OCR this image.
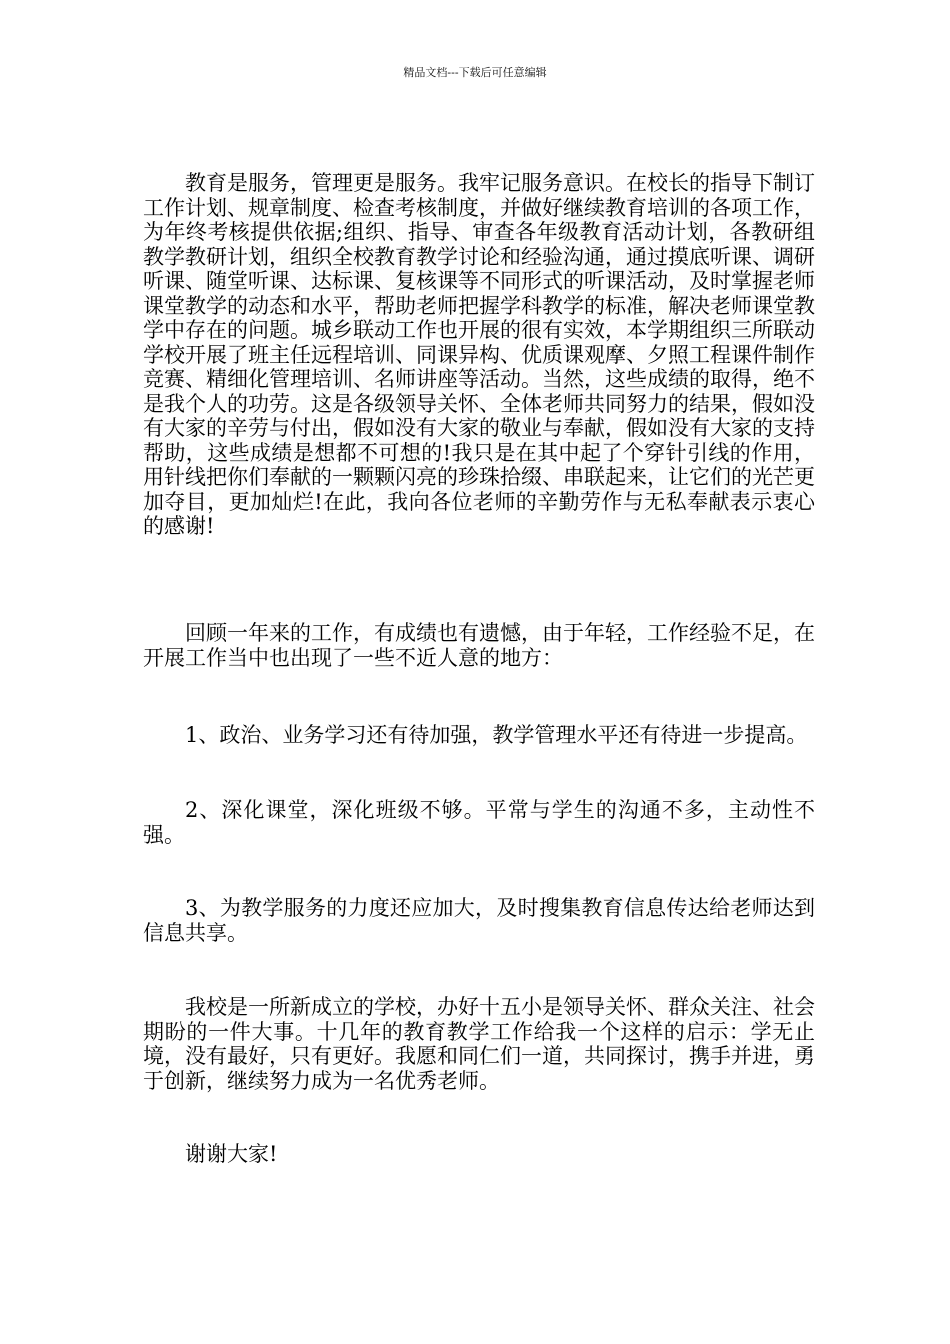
精品文档---下载后可任意编辑

教育是服务，管理更是服务。我牢记服务意识。在校长的指导下制订工作计划、规章制度、检查考核制度，并做好继续教育培训的各项工作，为年终考核提供依据;组织、指导、审查各年级教育活动计划，各教研组教学教研计划，组织全校教育教学讨论和经验沟通，通过摸底听课、调研听课、随堂听课、达标课、复核课等不同形式的听课活动，及时掌握老师课堂教学的动态和水平，帮助老师把握学科教学的标准，解决老师课堂教学中存在的问题。城乡联动工作也开展的很有实效，本学期组织三所联动学校开展了班主任远程培训、同课异构、优质课观摩、夕照工程课件制作竞赛、精细化管理培训、名师讲座等活动。当然，这些成绩的取得，绝不是我个人的功劳。这是各级领导关怀、全体老师共同努力的结果，假如没有大家的辛劳与付出，假如没有大家的敬业与奉献，假如没有大家的支持帮助，这些成绩是想都不可想的!我只是在其中起了个穿针引线的作用，用针线把你们奉献的一颗颗闪亮的珍珠拾缀、串联起来，让它们的光芒更加夺目，更加灿烂!在此，我向各位老师的辛勤劳作与无私奉献表示衷心的感谢!

回顾一年来的工作，有成绩也有遗憾，由于年轻，工作经验不足，在开展工作当中也出现了一些不近人意的地方：

1、政治、业务学习还有待加强，教学管理水平还有待进一步提高。

2、深化课堂，深化班级不够。平常与学生的沟通不多，主动性不强。

3、为教学服务的力度还应加大，及时搜集教育信息传达给老师达到信息共享。

我校是一所新成立的学校，办好十五小是领导关怀、群众关注、社会期盼的一件大事。十几年的教育教学工作给我一个这样的启示：学无止境，没有最好，只有更好。我愿和同仁们一道，共同探讨，携手并进，勇于创新，继续努力成为一名优秀老师。

谢谢大家!
